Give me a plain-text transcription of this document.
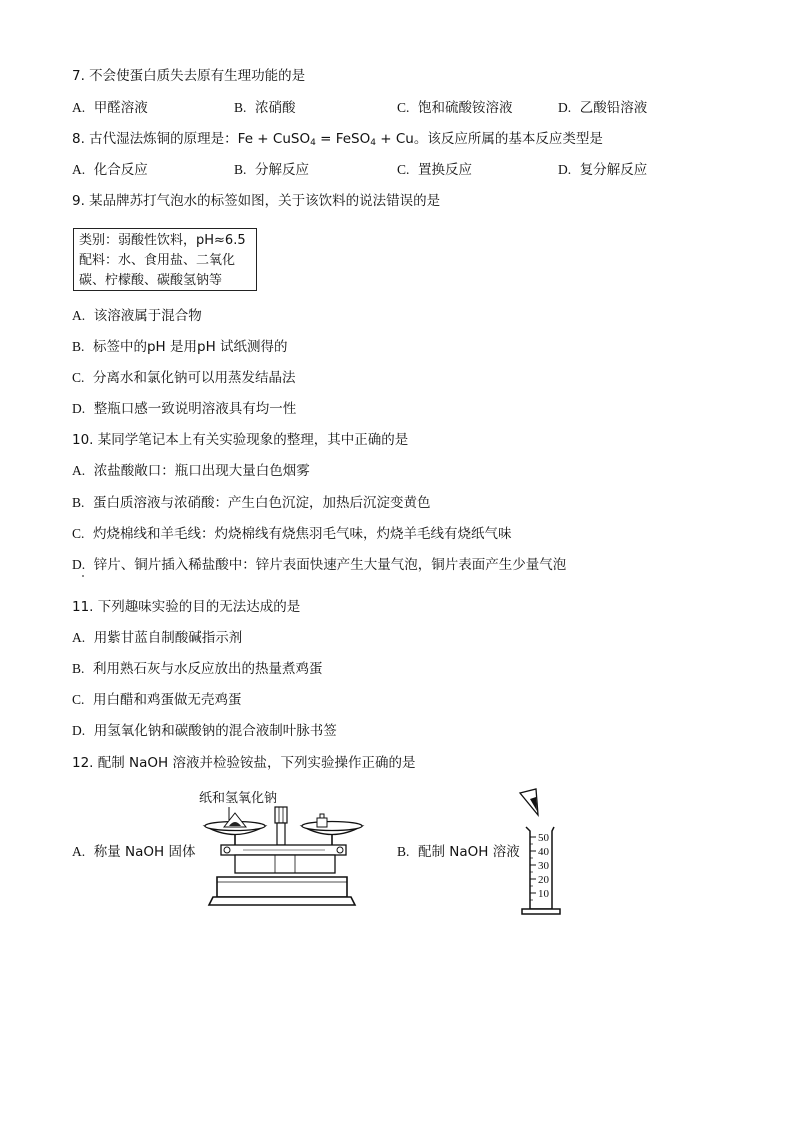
7. 不会使蛋白质失去原有生理功能的是
A. 甲醛溶液	B. 浓硝酸	C. 饱和硫酸铵溶液	D. 乙酸铅溶液
8. 古代湿法炼铜的原理是：Fe + CuSO$_4$ = FeSO$_4$ + Cu。该反应所属的基本反应类型是
A. 化合反应	B. 分解反应	C. 置换反应	D. 复分解反应
9. 某品牌苏打气泡水的标签如图，关于该饮料的说法错误的是
类别：弱酸性饮料，pH≈6.5
配料：水、食用盐、二氧化
碳、柠檬酸、碳酸氢钠等
A. 该溶液属于混合物
B. 标签中的pH 是用pH 试纸测得的
C. 分离水和氯化钠可以用蒸发结晶法
D. 整瓶口感一致说明溶液具有均一性
10. 某同学笔记本上有关实验现象的整理，其中正确的是
A. 浓盐酸敞口：瓶口出现大量白色烟雾
B. 蛋白质溶液与浓硝酸：产生白色沉淀，加热后沉淀变黄色
C. 灼烧棉线和羊毛线：灼烧棉线有烧焦羽毛气味，灼烧羊毛线有烧纸气味
D. 锌片、铜片插入稀盐酸中：锌片表面快速产生大量气泡，铜片表面产生少量气泡
11. 下列趣味实验的目的无法达成的是
A. 用紫甘蓝自制酸碱指示剂
B. 利用熟石灰与水反应放出的热量煮鸡蛋
C. 用白醋和鸡蛋做无壳鸡蛋
D. 用氢氧化钠和碳酸钠的混合液制叶脉书签
12. 配制 NaOH 溶液并检验铵盐，下列实验操作正确的是
A. 称量 NaOH 固体	B. 配制 NaOH 溶液
纸和氢氧化钠
50
40
30
20
10
